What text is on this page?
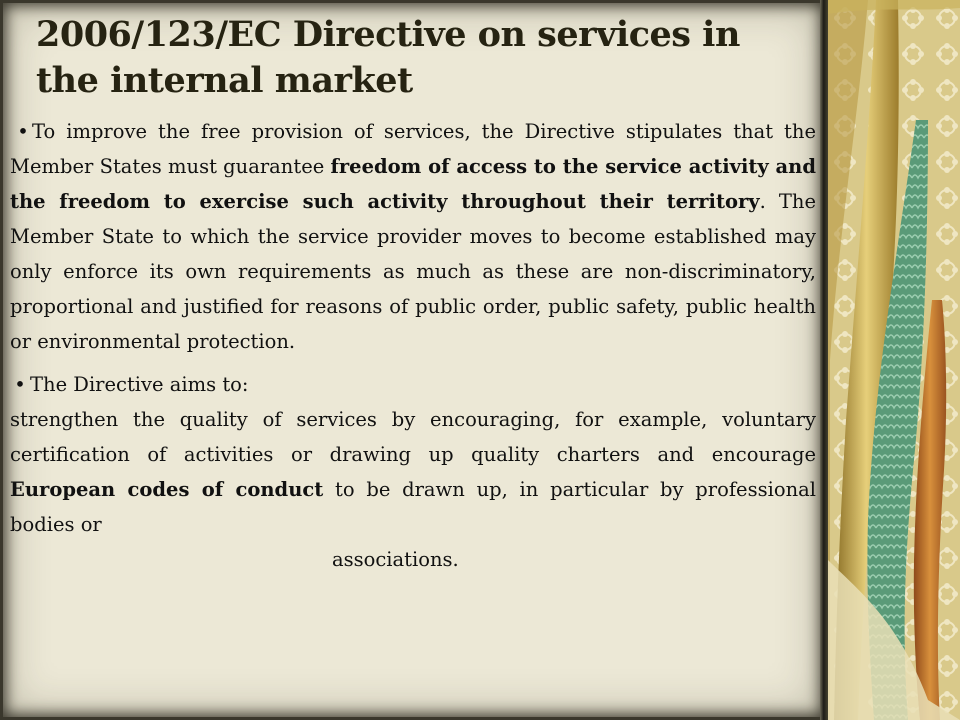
2006/123/EC Directive on services in the internal market

• To improve the free provision of services, the Directive stipulates that the Member States must guarantee freedom of access to the service activity and the freedom to exercise such activity throughout their territory. The Member State to which the service provider moves to become established may only enforce its own requirements as much as these are non-discriminatory, proportional and justified for reasons of public order, public safety, public health or environmental protection.

• The Directive aims to:

strengthen the quality of services by encouraging, for example, voluntary certification of activities or drawing up quality charters and encourage European codes of conduct to be drawn up, in particular by professional bodies or

associations.
